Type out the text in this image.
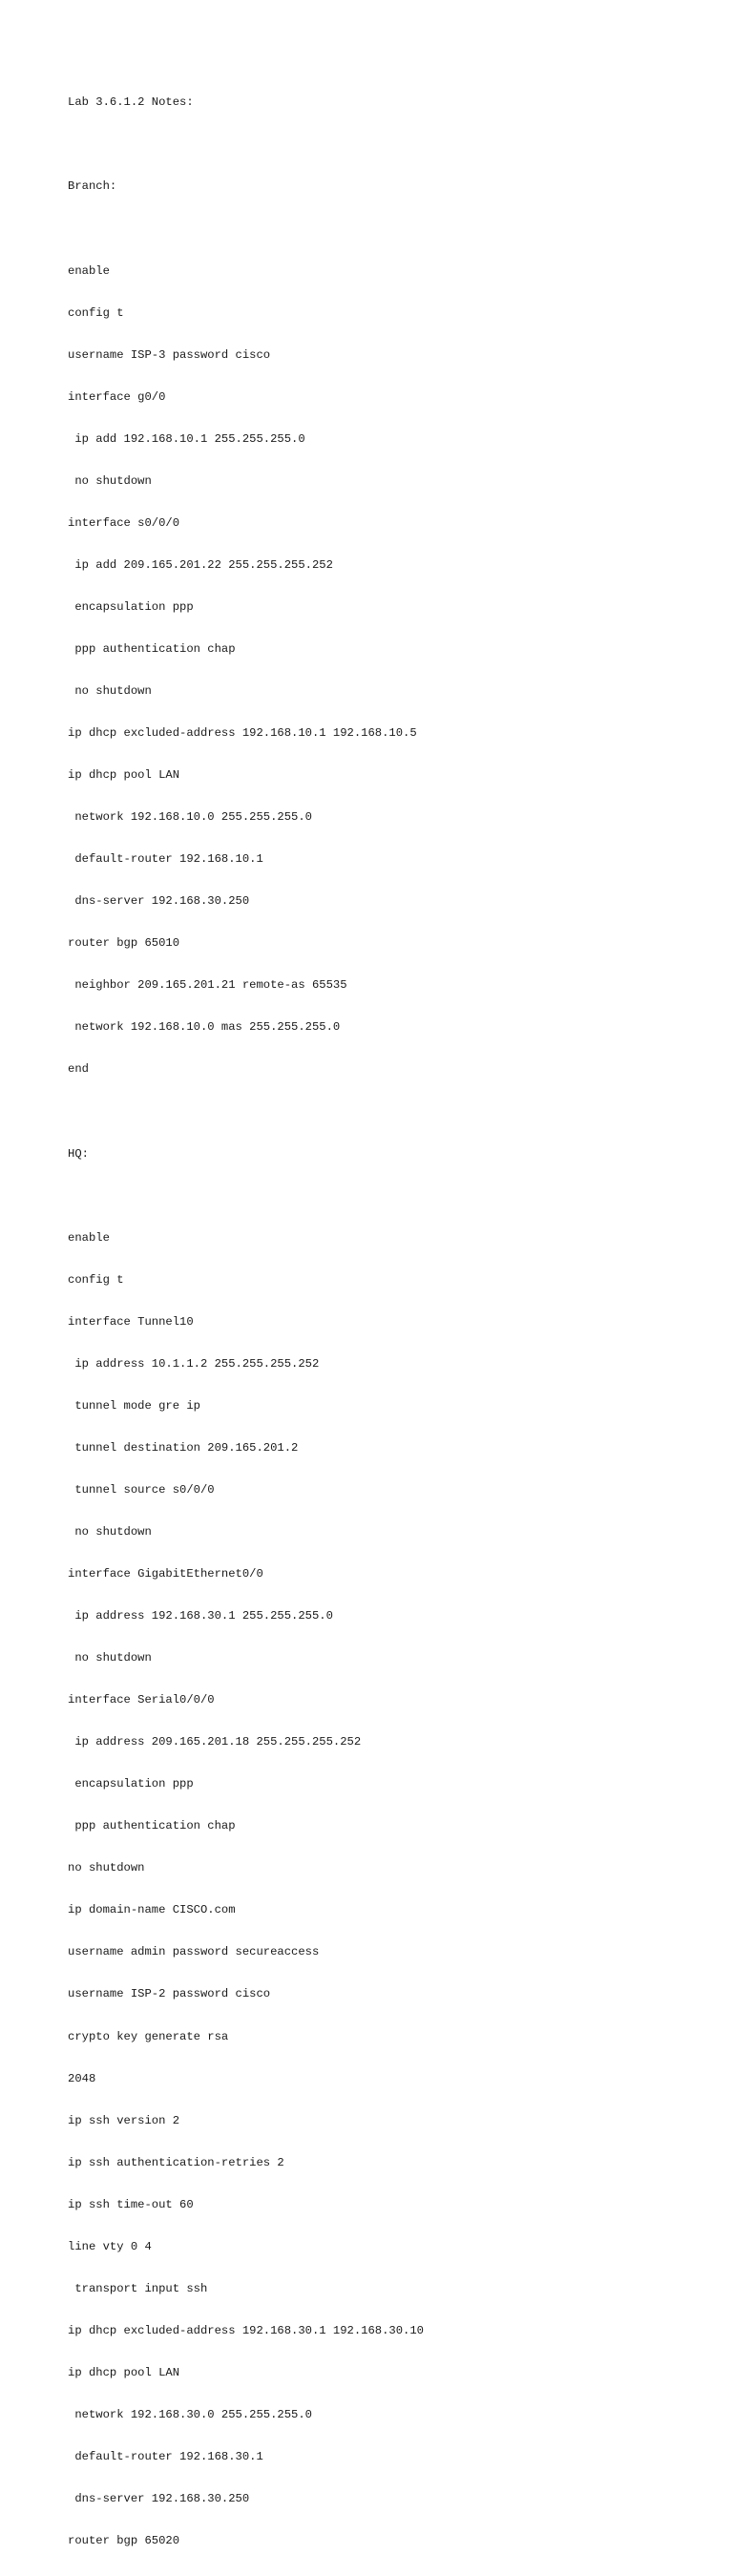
Lab 3.6.1.2 Notes:

Branch:

enable

config t

username ISP-3 password cisco

interface g0/0

ip add 192.168.10.1 255.255.255.0

no shutdown

interface s0/0/0

ip add 209.165.201.22 255.255.255.252

encapsulation ppp

ppp authentication chap

no shutdown

ip dhcp excluded-address 192.168.10.1 192.168.10.5

ip dhcp pool LAN

network 192.168.10.0 255.255.255.0

default-router 192.168.10.1

dns-server 192.168.30.250

router bgp 65010

neighbor 209.165.201.21 remote-as 65535

network 192.168.10.0 mas 255.255.255.0

end

HQ:

enable

config t

interface Tunnel10

ip address 10.1.1.2 255.255.255.252

tunnel mode gre ip

tunnel destination 209.165.201.2

tunnel source s0/0/0

no shutdown

interface GigabitEthernet0/0

ip address 192.168.30.1 255.255.255.0

no shutdown

interface Serial0/0/0

ip address 209.165.201.18 255.255.255.252

encapsulation ppp

ppp authentication chap

no shutdown

ip domain-name CISCO.com

username admin password secureaccess

username ISP-2 password cisco

crypto key generate rsa

2048

ip ssh version 2

ip ssh authentication-retries 2

ip ssh time-out 60

line vty 0 4

transport input ssh

ip dhcp excluded-address 192.168.30.1 192.168.30.10

ip dhcp pool LAN

network 192.168.30.0 255.255.255.0

default-router 192.168.30.1

dns-server 192.168.30.250

router bgp 65020
